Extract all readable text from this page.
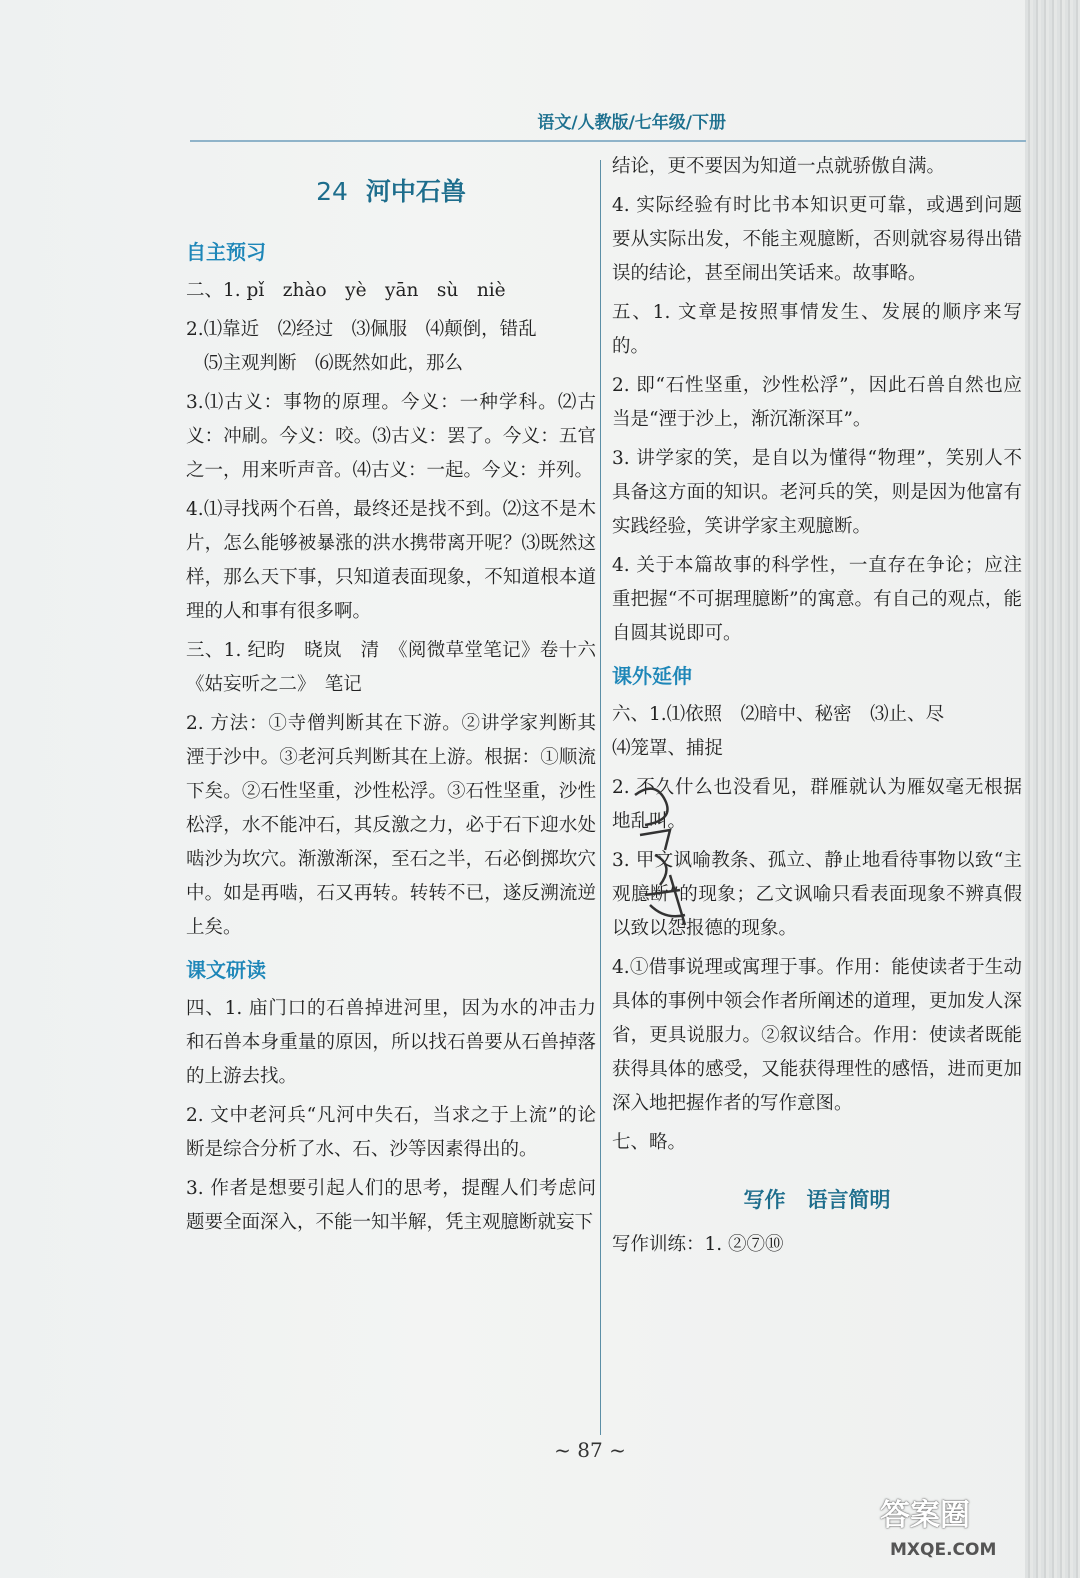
语文/人教版/七年级/下册
24 河中石兽
自主预习
二、1. pǐ　zhào　yè　yān　sù　niè
2.⑴靠近　⑵经过　⑶佩服　⑷颠倒，错乱
⑸主观判断　⑹既然如此，那么
3.⑴古义：事物的原理。今义：一种学科。⑵古义：冲刷。今义：咬。⑶古义：罢了。今义：五官之一，用来听声音。⑷古义：一起。今义：并列。
4.⑴寻找两个石兽，最终还是找不到。⑵这不是木片，怎么能够被暴涨的洪水携带离开呢？⑶既然这样，那么天下事，只知道表面现象，不知道根本道理的人和事有很多啊。
三、1. 纪昀　晓岚　清　《阅微草堂笔记》卷十六《姑妄听之二》　笔记
2. 方法：①寺僧判断其在下游。②讲学家判断其湮于沙中。③老河兵判断其在上游。根据：①顺流下矣。②石性坚重，沙性松浮。③石性坚重，沙性松浮，水不能冲石，其反激之力，必于石下迎水处啮沙为坎穴。渐激渐深，至石之半，石必倒掷坎穴中。如是再啮，石又再转。转转不已，遂反溯流逆上矣。
课文研读
四、1. 庙门口的石兽掉进河里，因为水的冲击力和石兽本身重量的原因，所以找石兽要从石兽掉落的上游去找。
2. 文中老河兵“凡河中失石，当求之于上流”的论断是综合分析了水、石、沙等因素得出的。
3. 作者是想要引起人们的思考，提醒人们考虑问题要全面深入，不能一知半解，凭主观臆断就妄下
结论，更不要因为知道一点就骄傲自满。
4. 实际经验有时比书本知识更可靠，或遇到问题要从实际出发，不能主观臆断，否则就容易得出错误的结论，甚至闹出笑话来。故事略。
五、1. 文章是按照事情发生、发展的顺序来写的。
2. 即“石性坚重，沙性松浮”，因此石兽自然也应当是“湮于沙上，渐沉渐深耳”。
3. 讲学家的笑，是自以为懂得“物理”，笑别人不具备这方面的知识。老河兵的笑，则是因为他富有实践经验，笑讲学家主观臆断。
4. 关于本篇故事的科学性，一直存在争论；应注重把握“不可据理臆断”的寓意。有自己的观点，能自圆其说即可。
课外延伸
六、1.⑴依照　⑵暗中、秘密　⑶止、尽
⑷笼罩、捕捉
2. 不久什么也没看见，群雁就认为雁奴毫无根据地乱叫。
3. 甲文讽喻教条、孤立、静止地看待事物以致“主观臆断”的现象；乙文讽喻只看表面现象不辨真假以致以怨报德的现象。
4.①借事说理或寓理于事。作用：能使读者于生动具体的事例中领会作者所阐述的道理，更加发人深省，更具说服力。②叙议结合。作用：使读者既能获得具体的感受，又能获得理性的感悟，进而更加深入地把握作者的写作意图。
七、略。
写作　语言简明
写作训练：1. ②⑦⑩
~ 87 ~
答案圈
MXQE.COM
